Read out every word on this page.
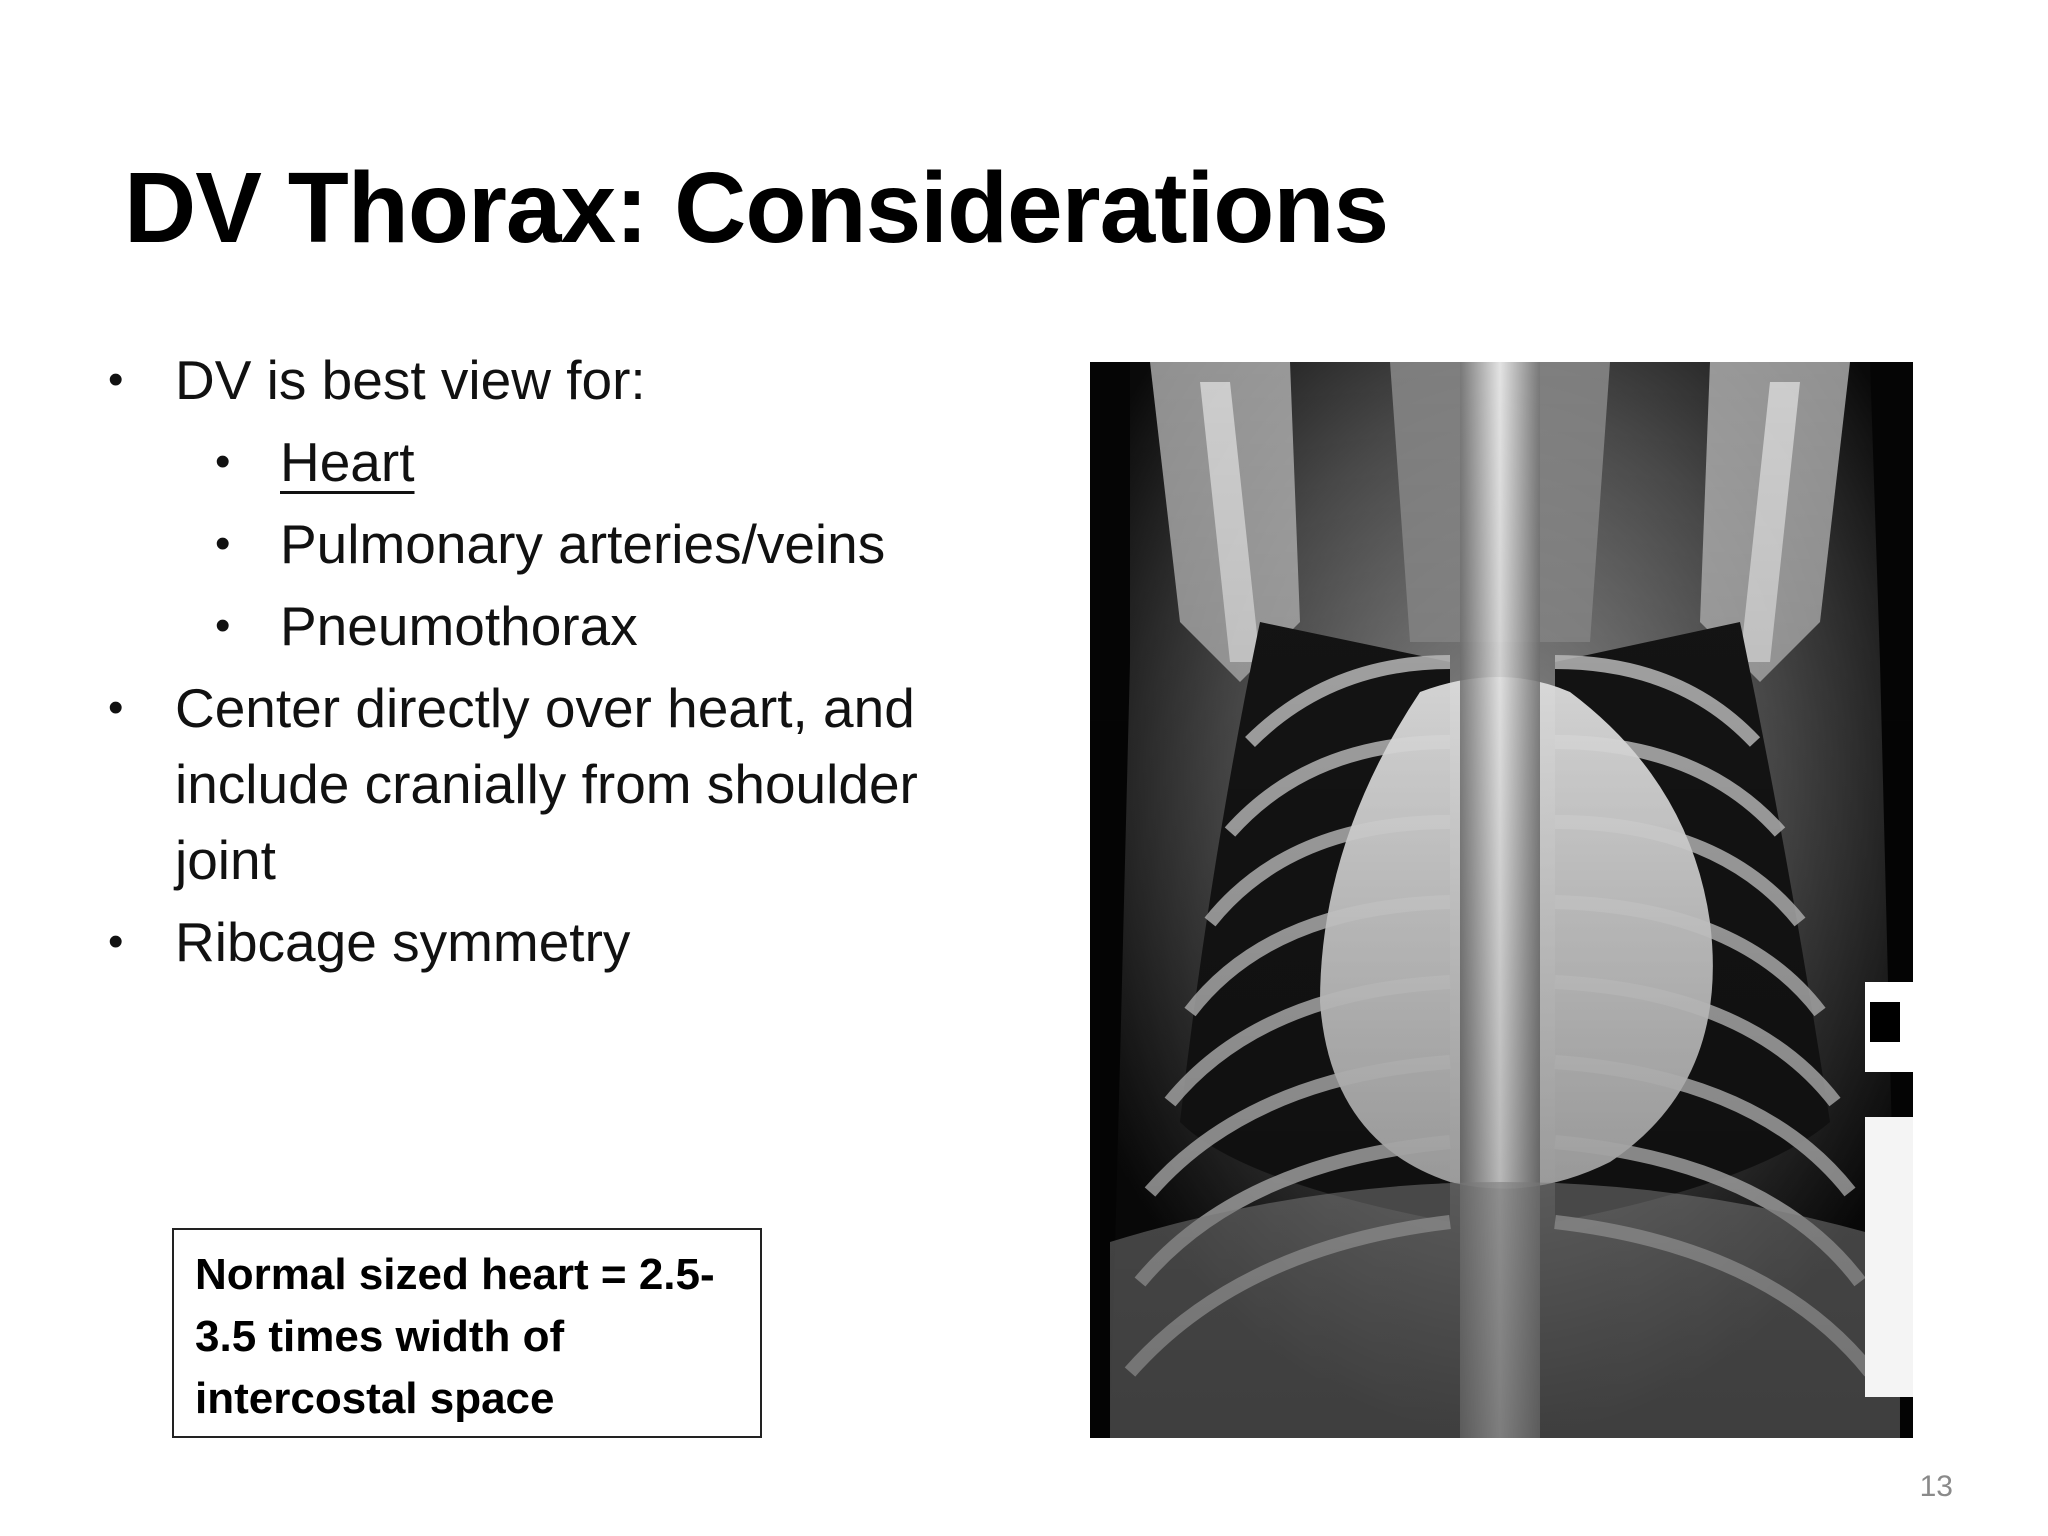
DV Thorax: Considerations
• DV is best view for:
• Heart
• Pulmonary arteries/veins
• Pneumothorax
• Center directly over heart, and
include cranially from shoulder
joint
• Ribcage symmetry
Normal sized heart = 2.5-
3.5 times width of
intercostal space
13
